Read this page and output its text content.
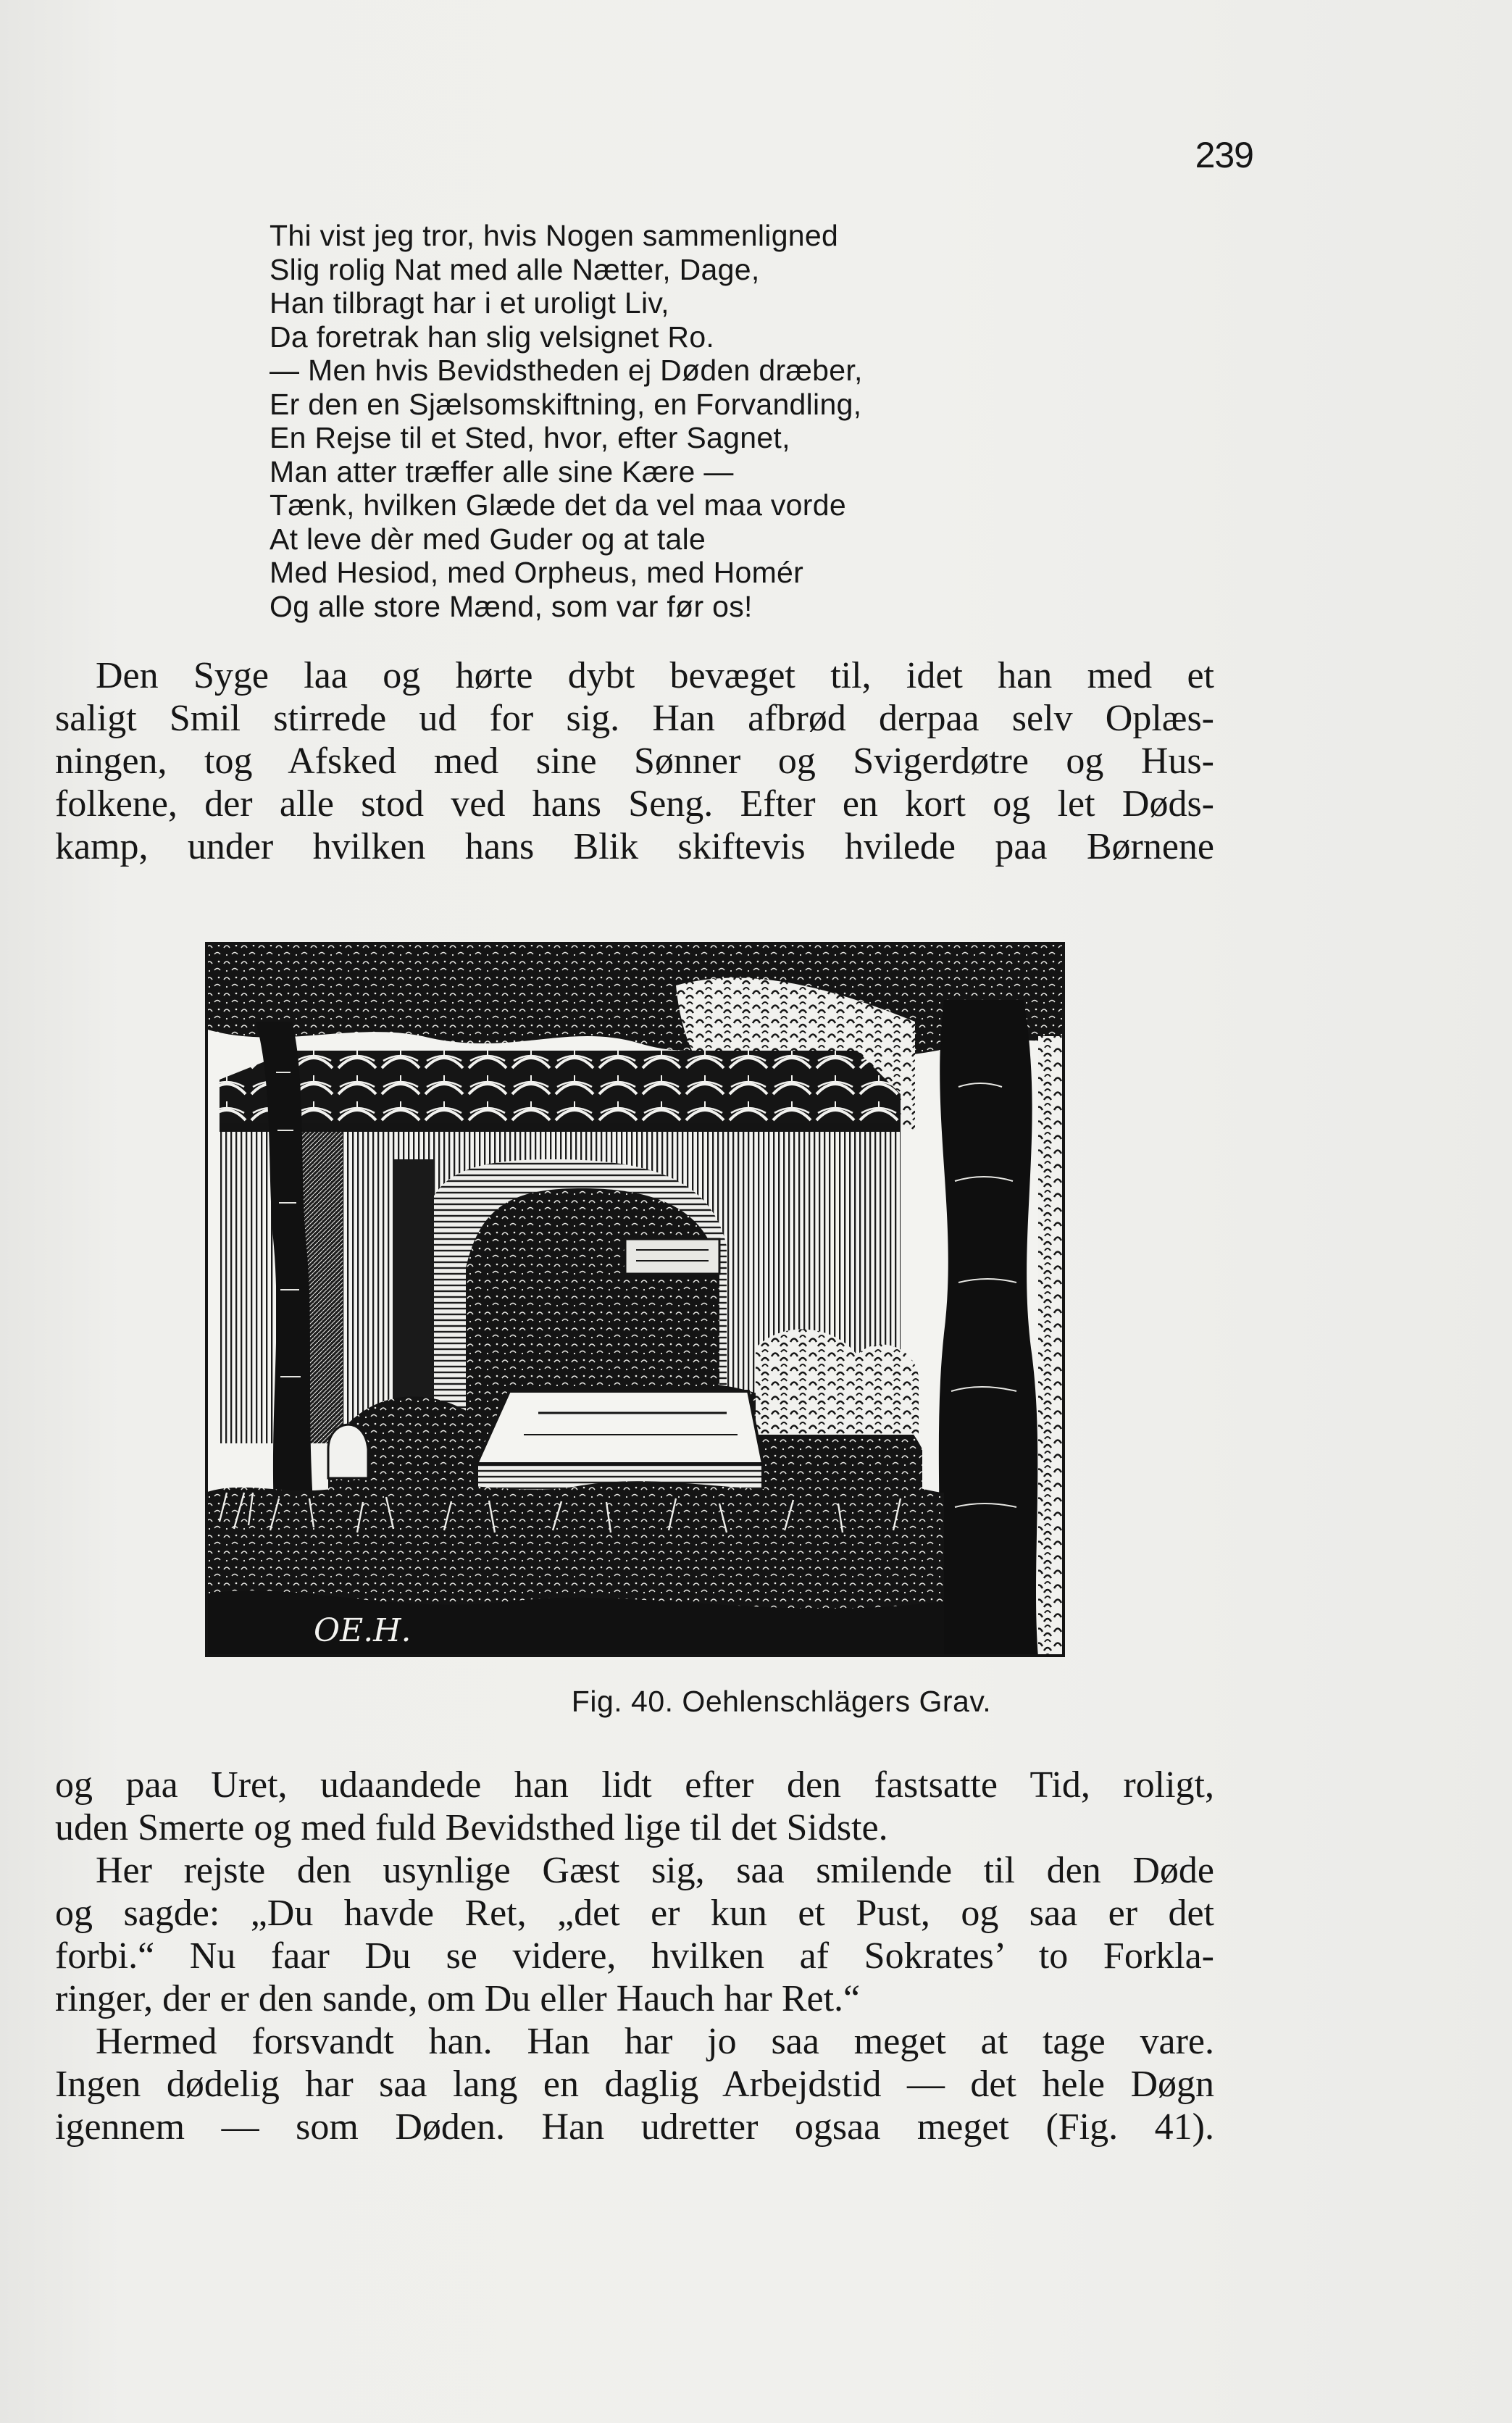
239
Thi vist jeg tror, hvis Nogen sammenligned
Slig rolig Nat med alle Nætter, Dage,
Han tilbragt har i et uroligt Liv,
Da foretrak han slig velsignet Ro.
— Men hvis Bevidstheden ej Døden dræber,
Er den en Sjælsomskiftning, en Forvandling,
En Rejse til et Sted, hvor, efter Sagnet,
Man atter træffer alle sine Kære —
Tænk, hvilken Glæde det da vel maa vorde
At leve dèr med Guder og at tale
Med Hesiod, med Orpheus, med Homér
Og alle store Mænd, som var før os!
Den Syge laa og hørte dybt bevæget til, idet han med et
saligt Smil stirrede ud for sig. Han afbrød derpaa selv Oplæs-
ningen, tog Afsked med sine Sønner og Svigerdøtre og Hus-
folkene, der alle stod ved hans Seng. Efter en kort og let Døds-
kamp, under hvilken hans Blik skiftevis hvilede paa Børnene
OE.H.
Fig. 40. Oehlenschlägers Grav.
og paa Uret, udaandede han lidt efter den fastsatte Tid, roligt,
uden Smerte og med fuld Bevidsthed lige til det Sidste.
Her rejste den usynlige Gæst sig, saa smilende til den Døde
og sagde: „Du havde Ret, „det er kun et Pust, og saa er det
forbi.“ Nu faar Du se videre, hvilken af Sokrates’ to Forkla-
ringer, der er den sande, om Du eller Hauch har Ret.“
Hermed forsvandt han. Han har jo saa meget at tage vare.
Ingen dødelig har saa lang en daglig Arbejdstid — det hele Døgn
igennem — som Døden. Han udretter ogsaa meget (Fig. 41).
